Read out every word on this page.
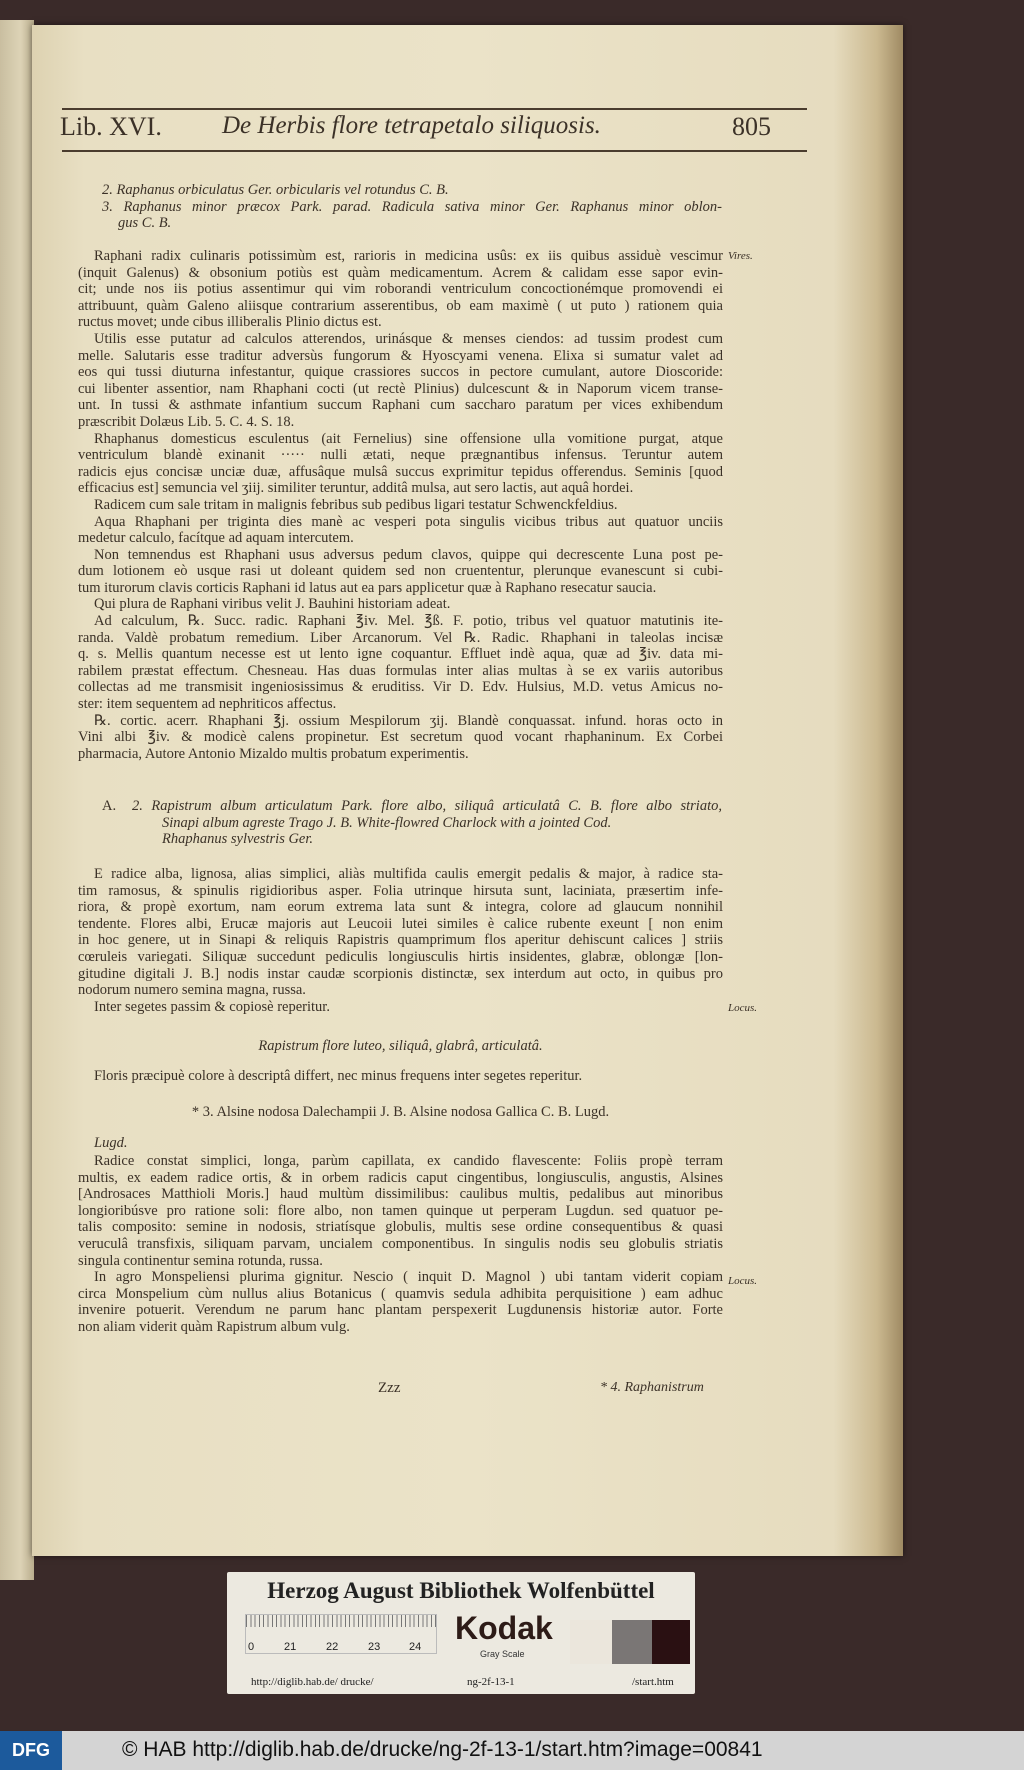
Lib. XVI. De Herbis flore tetrapetalo siliquosis.	805
2. Raphanus orbiculatus Ger. orbicularis vel rotundus C. B.
3. Raphanus minor præcox Park. parad. Radicula sativa minor Ger. Raphanus minor oblon-
gus C. B.
Raphani radix culinaris potissimùm est, rarioris in medicina usûs: ex iis quibus assiduè vescimur
(inquit Galenus) & obsonium potiùs est quàm medicamentum. Acrem & calidam esse sapor evin-
cit; unde nos iis potius assentimur qui vim roborandi ventriculum concoctionémque promovendi ei
attribuunt, quàm Galeno aliisque contrarium asserentibus, ob eam maximè ( ut puto ) rationem quia
ructus movet; unde cibus illiberalis Plinio dictus est.
Utilis esse putatur ad calculos atterendos, urinásque & menses ciendos: ad tussim prodest cum
melle. Salutaris esse traditur adversùs fungorum & Hyoscyami venena. Elixa si sumatur valet ad
eos qui tussi diuturna infestantur, quique crassiores succos in pectore cumulant, autore Dioscoride:
cui libenter assentior, nam Rhaphani cocti (ut rectè Plinius) dulcescunt & in Naporum vicem transe-
unt. In tussi & asthmate infantium succum Raphani cum saccharo paratum per vices exhibendum
præscribit Dolæus Lib. 5. C. 4. S. 18.
Rhaphanus domesticus esculentus (ait Fernelius) sine offensione ulla vomitione purgat, atque
ventriculum blandè exinanit ····· nulli ætati, neque prægnantibus infensus. Teruntur autem
radicis ejus concisæ unciæ duæ, affusâque mulsâ succus exprimitur tepidus offerendus. Seminis [quod
efficacius est] semuncia vel ʒiij. similiter teruntur, additâ mulsa, aut sero lactis, aut aquâ hordei.
Radicem cum sale tritam in malignis febribus sub pedibus ligari testatur Schwenckfeldius.
Aqua Rhaphani per triginta dies manè ac vesperi pota singulis vicibus tribus aut quatuor unciis
medetur calculo, facítque ad aquam intercutem.
Non temnendus est Rhaphani usus adversus pedum clavos, quippe qui decrescente Luna post pe-
dum lotionem eò usque rasi ut doleant quidem sed non cruententur, plerunque evanescunt si cubi-
tum iturorum clavis corticis Raphani id latus aut ea pars applicetur quæ à Raphano resecatur saucia.
Qui plura de Raphani viribus velit J. Bauhini historiam adeat.
Ad calculum, ℞. Succ. radic. Raphani ℥iv. Mel. ℥ß. F. potio, tribus vel quatuor matutinis ite-
randa. Valdè probatum remedium. Liber Arcanorum. Vel ℞. Radic. Rhaphani in taleolas incisæ
q. s. Mellis quantum necesse est ut lento igne coquantur. Effluet indè aqua, quæ ad ℥iv. data mi-
rabilem præstat effectum. Chesneau. Has duas formulas inter alias multas à se ex variis autoribus
collectas ad me transmisit ingeniosissimus & eruditiss. Vir D. Edv. Hulsius, M.D. vetus Amicus no-
ster: item sequentem ad nephriticos affectus.
℞. cortic. acerr. Rhaphani ℥j. ossium Mespilorum ʒij. Blandè conquassat. infund. horas octo in
Vini albi ℥iv. & modicè calens propinetur. Est secretum quod vocant rhaphaninum. Ex Corbei
pharmacia, Autore Antonio Mizaldo multis probatum experimentis.
Vires.
A. 2. Rapistrum album articulatum Park. flore albo, siliquâ articulatâ C. B. flore albo striato,
Sinapi album agreste Trago J. B. White-flowred Charlock with a jointed Cod.
Rhaphanus sylvestris Ger.
E radice alba, lignosa, alias simplici, aliàs multifida caulis emergit pedalis & major, à radice sta-
tim ramosus, & spinulis rigidioribus asper. Folia utrinque hirsuta sunt, laciniata, præsertim infe-
riora, & propè exortum, nam eorum extrema lata sunt & integra, colore ad glaucum nonnihil
tendente. Flores albi, Erucæ majoris aut Leucoii lutei similes è calice rubente exeunt [ non enim
in hoc genere, ut in Sinapi & reliquis Rapistris quamprimum flos aperitur dehiscunt calices ] striis
cœruleis variegati. Siliquæ succedunt pediculis longiusculis hirtis insidentes, glabræ, oblongæ [lon-
gitudine digitali J. B.] nodis instar caudæ scorpionis distinctæ, sex interdum aut octo, in quibus pro
nodorum numero semina magna, russa.
Inter segetes passim & copiosè reperitur.	Locus.
Rapistrum flore luteo, siliquâ, glabrâ, articulatâ.
Floris præcipuè colore à descriptâ differt, nec minus frequens inter segetes reperitur.
* 3. Alsine nodosa Dalechampii J. B. Alsine nodosa Gallica C. B. Lugd.
Lugd.
Radice constat simplici, longa, parùm capillata, ex candido flavescente: Foliis propè terram
multis, ex eadem radice ortis, & in orbem radicis caput cingentibus, longiusculis, angustis, Alsines
[Androsaces Matthioli Moris.] haud multùm dissimilibus: caulibus multis, pedalibus aut minoribus
longioribúsve pro ratione soli: flore albo, non tamen quinque ut perperam Lugdun. sed quatuor pe-
talis composito: semine in nodosis, striatísque globulis, multis sese ordine consequentibus & quasi
veruculâ transfixis, siliquam parvam, uncialem componentibus. In singulis nodis seu globulis striatis
singula continentur semina rotunda, russa.
In agro Monspeliensi plurima gignitur. Nescio ( inquit D. Magnol ) ubi tantam viderit copiam
circa Monspelium cùm nullus alius Botanicus ( quamvis sedula adhibita perquisitione ) eam adhuc
invenire potuerit. Verendum ne parum hanc plantam perspexerit Lugdunensis historiæ autor. Forte
non aliam viderit quàm Rapistrum album vulg.
Locus.
Zzz	* 4. Raphanistrum
Herzog August Bibliothek Wolfenbüttel
0	21	22	23	24
Kodak
Gray Scale
http://diglib.hab.de/ drucke/	ng-2f-13-1	/start.htm
DFG	© HAB http://diglib.hab.de/drucke/ng-2f-13-1/start.htm?image=00841
